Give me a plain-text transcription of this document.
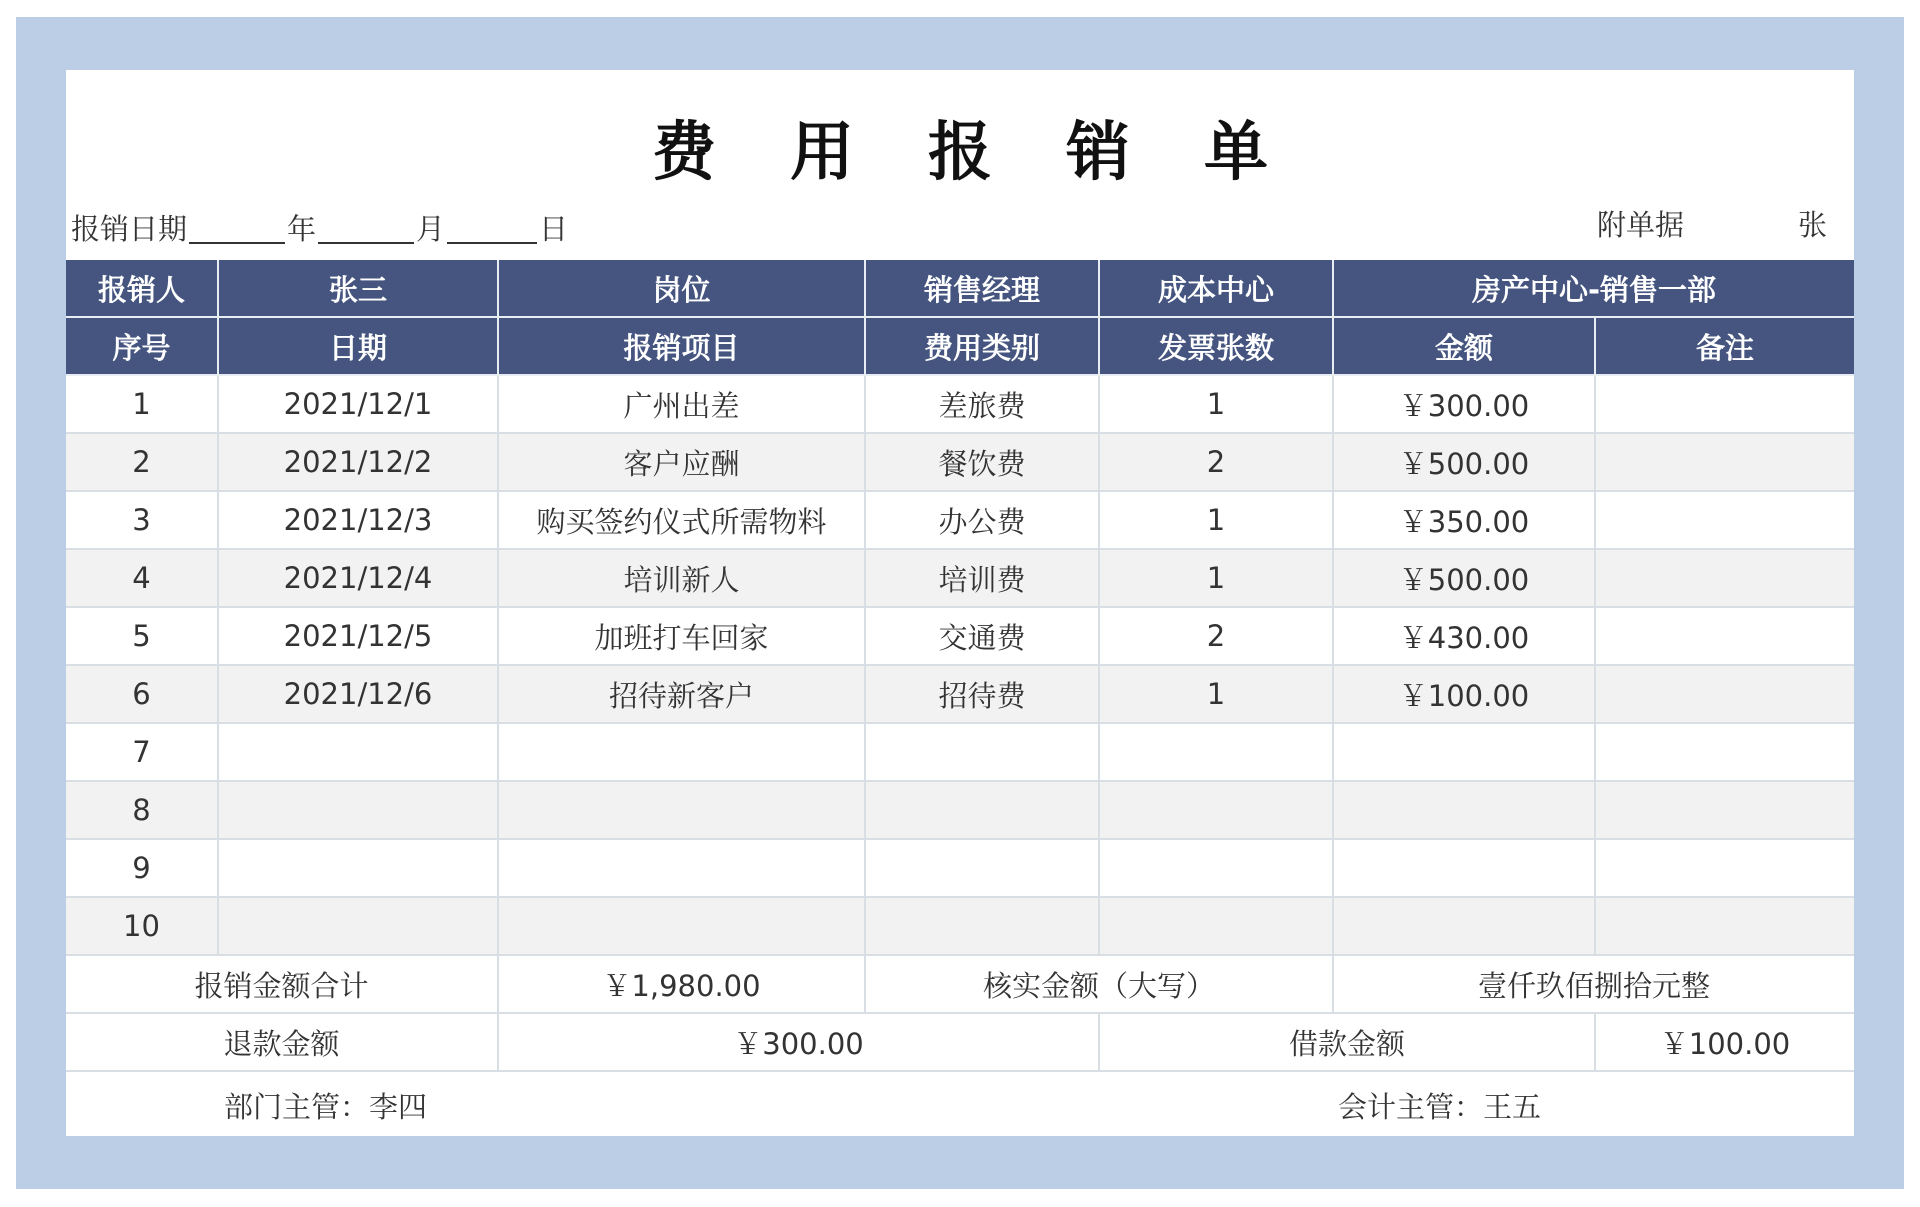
费 用 报 销 单
报销日期	年	月	日	附单据	张
报销人	张三	岗位	销售经理	成本中心	房产中心-销售一部
序号	日期	报销项目	费用类别	发票张数	金额	备注
1	2021/12/1	广州出差	差旅费	1	￥300.00
2	2021/12/2	客户应酬	餐饮费	2	￥500.00
3	2021/12/3	购买签约仪式所需物料	办公费	1	￥350.00
4	2021/12/4	培训新人	培训费	1	￥500.00
5	2021/12/5	加班打车回家	交通费	2	￥430.00
6	2021/12/6	招待新客户	招待费	1	￥100.00
7
8
9
10
报销金额合计	￥1,980.00	核实金额（大写）	壹仟玖佰捌拾元整
退款金额	￥300.00	借款金额	￥100.00
部门主管：李四	会计主管：王五
